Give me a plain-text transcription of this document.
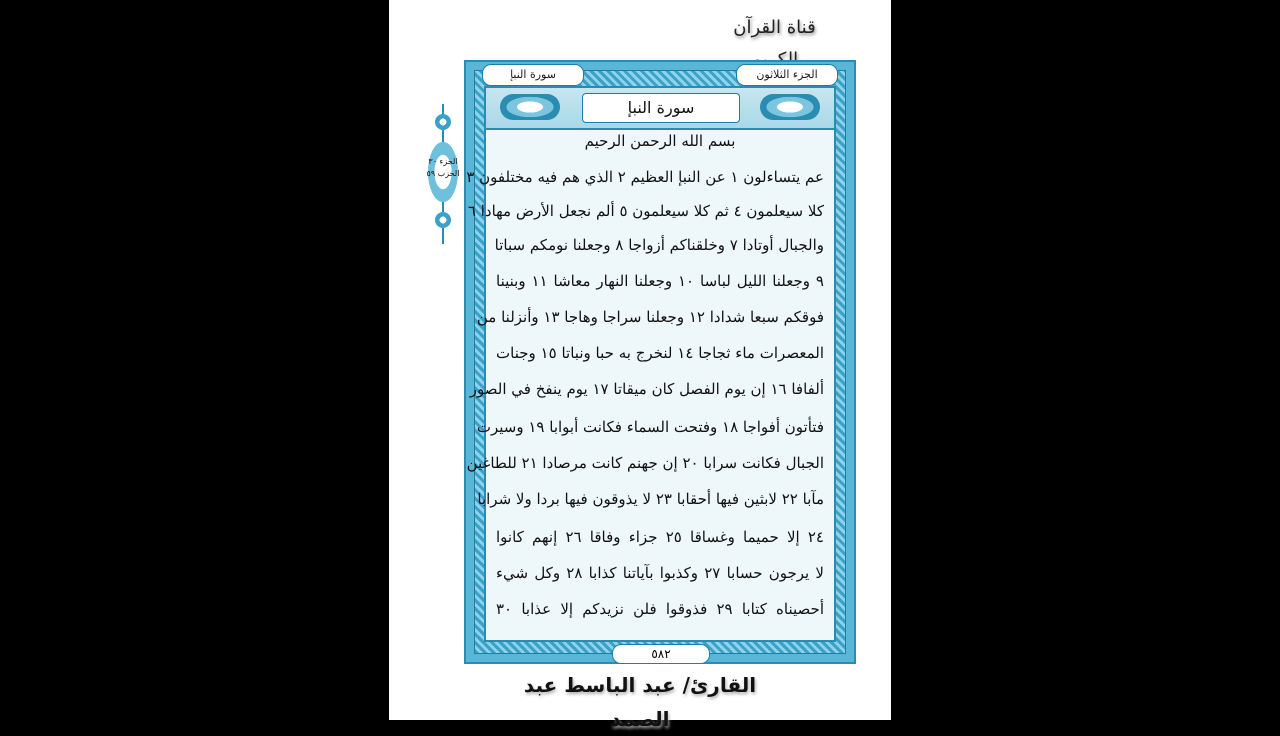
قناة القرآن
سورة النبإ	الجزء الثلاثون
الجزء ٣٠
الحزب ٥٩
سورة النبإ
بسم الله الرحمن الرحيم
عم يتساءلون ١ عن النبإ العظيم ٢ الذي هم فيه مختلفون ٣
كلا سيعلمون ٤ ثم كلا سيعلمون ٥ ألم نجعل الأرض مهادا ٦
والجبال أوتادا ٧ وخلقناكم أزواجا ٨ وجعلنا نومكم سباتا
٩ وجعلنا الليل لباسا ١٠ وجعلنا النهار معاشا ١١ وبنينا
فوقكم سبعا شدادا ١٢ وجعلنا سراجا وهاجا ١٣ وأنزلنا من
المعصرات ماء ثجاجا ١٤ لنخرج به حبا ونباتا ١٥ وجنات
ألفافا ١٦ إن يوم الفصل كان ميقاتا ١٧ يوم ينفخ في الصور
فتأتون أفواجا ١٨ وفتحت السماء فكانت أبوابا ١٩ وسيرت
الجبال فكانت سرابا ٢٠ إن جهنم كانت مرصادا ٢١ للطاغين
مآبا ٢٢ لابثين فيها أحقابا ٢٣ لا يذوقون فيها بردا ولا شرابا
٢٤ إلا حميما وغساقا ٢٥ جزاء وفاقا ٢٦ إنهم كانوا
لا يرجون حسابا ٢٧ وكذبوا بآياتنا كذابا ٢٨ وكل شيء
أحصيناه كتابا ٢٩ فذوقوا فلن نزيدكم إلا عذابا ٣٠
٥٨٢
القارئ/ عبد الباسط عبد الصمد
